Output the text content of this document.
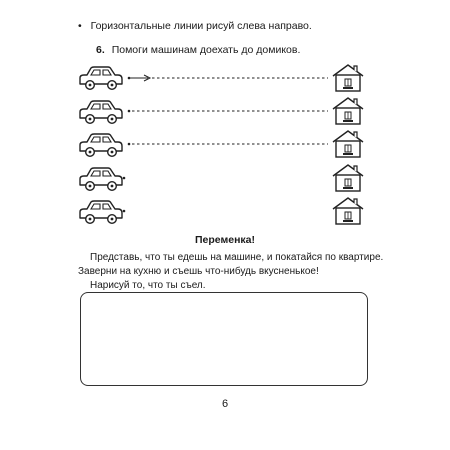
• Горизонтальные линии рисуй слева направо.
6. Помоги машинам доехать до домиков.
Переменка!
Представь, что ты едешь на машине, и покатайся по квартире.
Заверни на кухню и съешь что-нибудь вкусненькое!
Нарисуй то, что ты съел.
6
